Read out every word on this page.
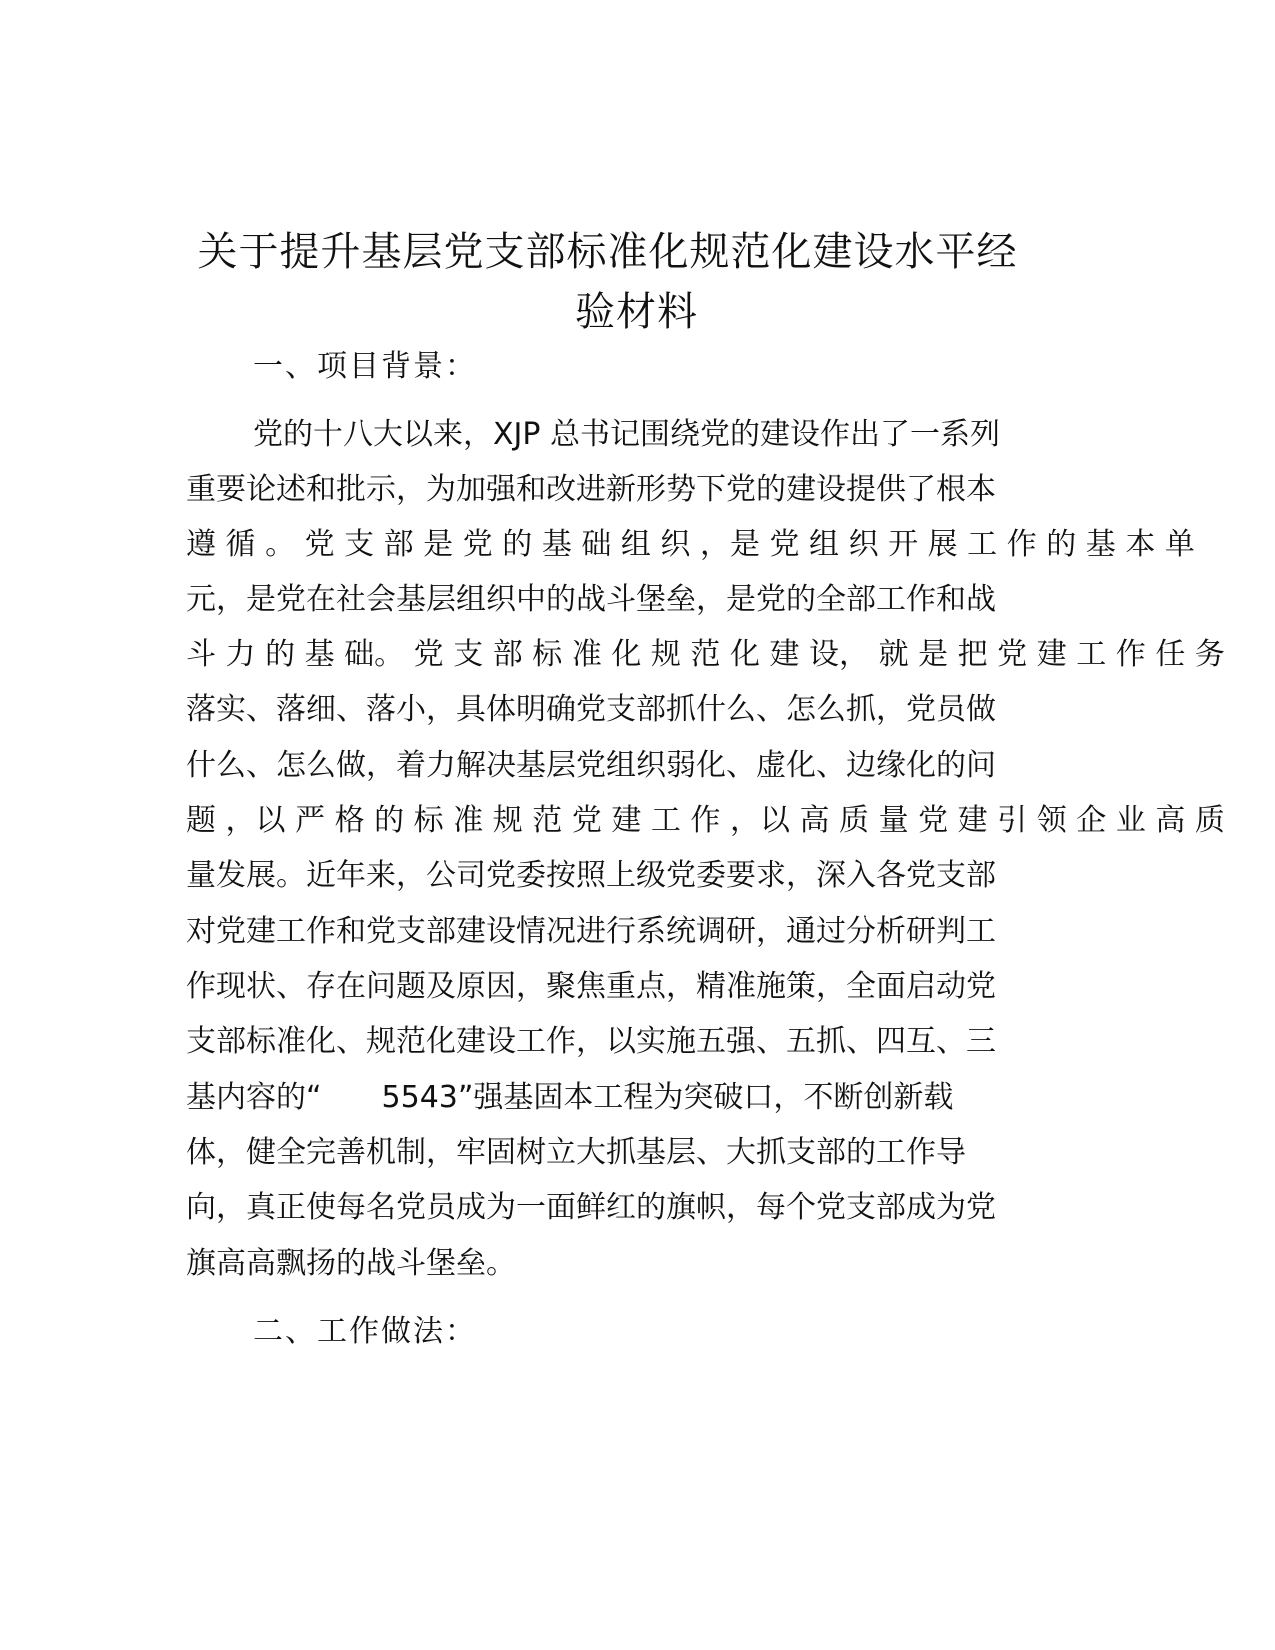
关于提升基层党支部标准化规范化建设水平经
验材料
一、项目背景：
党的十八大以来，XJP 总书记围绕党的建设作出了一系列
重要论述和批示，为加强和改进新形势下党的建设提供了根本
遵 循 。 党 支 部 是 党 的 基 础 组 织 ，是 党 组 织 开 展 工 作 的 基 本 单
元，是党在社会基层组织中的战斗堡垒，是党的全部工作和战
斗 力 的 基 础。 党 支 部 标 准 化 规 范 化 建 设， 就 是 把 党 建 工 作 任 务
落实、落细、落小，具体明确党支部抓什么、怎么抓，党员做
什么、怎么做，着力解决基层党组织弱化、虚化、边缘化的问
题 ，以 严 格 的 标 准 规 范 党 建 工 作 ，以 高 质 量 党 建 引 领 企 业 高 质
量发展。近年来，公司党委按照上级党委要求，深入各党支部
对党建工作和党支部建设情况进行系统调研，通过分析研判工
作现状、存在问题及原因，聚焦重点，精准施策，全面启动党
支部标准化、规范化建设工作，以实施五强、五抓、四互、三
基内容的“　　5543”强基固本工程为突破口，不断创新载
体，健全完善机制，牢固树立大抓基层、大抓支部的工作导
向，真正使每名党员成为一面鲜红的旗帜，每个党支部成为党
旗高高飘扬的战斗堡垒。
二、工作做法：
